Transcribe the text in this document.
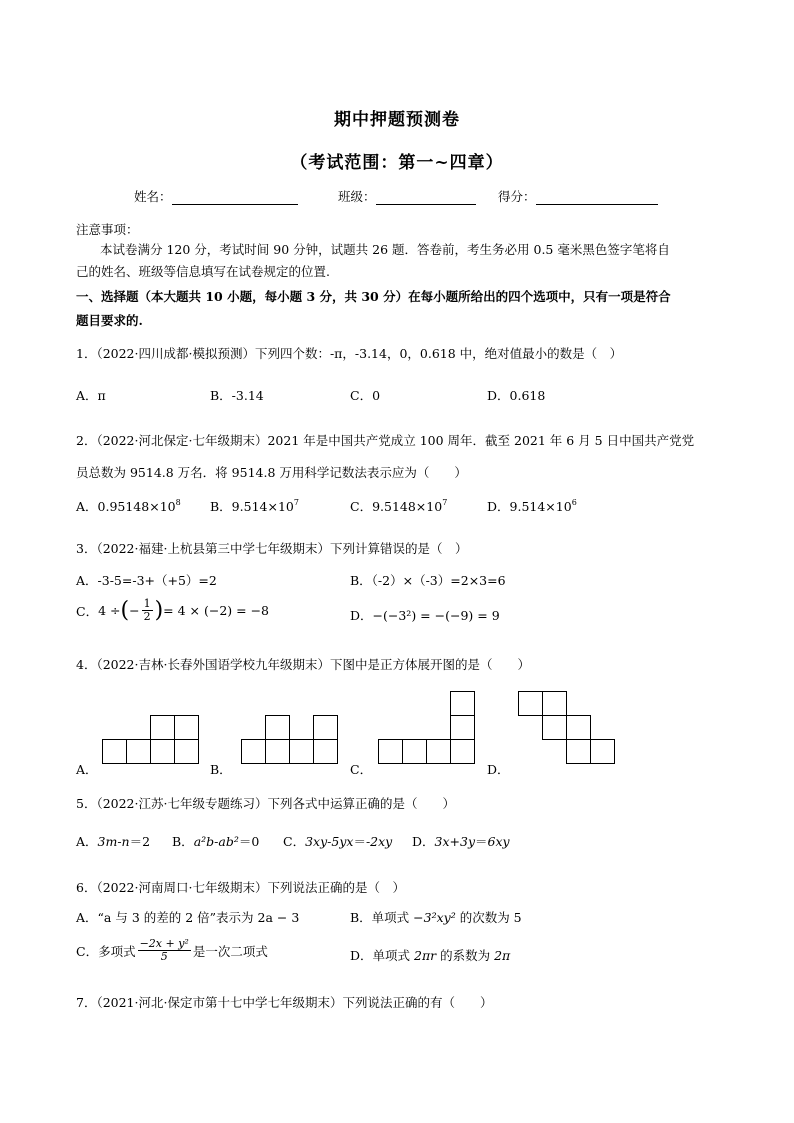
期中押题预测卷
（考试范围：第一~四章）
姓名：	班级：	得分：
注意事项：
本试卷满分 120 分，考试时间 90 分钟，试题共 26 题．答卷前，考生务必用 0.5 毫米黑色签字笔将自
己的姓名、班级等信息填写在试卷规定的位置.
一、选择题（本大题共 10 小题，每小题 3 分，共 30 分）在每小题所给出的四个选项中，只有一项是符合
题目要求的.
1．（2022·四川成都·模拟预测）下列四个数：-π，-3.14，0，0.618 中，绝对值最小的数是（　）
A．π	B．-3.14	C．0	D．0.618
2．（2022·河北保定·七年级期末）2021 年是中国共产党成立 100 周年．截至 2021 年 6 月 5 日中国共产党党
员总数为 9514.8 万名．将 9514.8 万用科学记数法表示应为（　　）
A．$0.95148\times 10^8$ B．$9.514\times 10^7$	C．$9.5148\times 10^7$	D．$9.514\times 10^6$
3．（2022·福建·上杭县第三中学七年级期末）下列计算错误的是（　）
A．-3-5=-3+（+5）=2	B．（-2）×（-3）=2×3=6
C． 4 ÷ ( − $\frac{1}{2}$ ) = 4 × (−2) = −8	D．−(−3²) = −(−9) = 9
4．（2022·吉林·长春外国语学校九年级期末）下图中是正方体展开图的是（　　）
A．	B．	C．	D．
5．（2022·江苏·七年级专题练习）下列各式中运算正确的是（　　）
A．3m-n＝2 B．a²b-ab²＝0 C．3xy-5yx＝-2xy D．3x+3y＝6xy
6．（2022·河南周口·七年级期末）下列说法正确的是（　）
A．“a 与 3 的差的 2 倍”表示为 2a − 3	B．单项式 −3²xy² 的次数为 5
C．多项式 $\frac{\text{−2x + y²}}{5}$ 是一次二项式	D．单项式 2πr 的系数为 2π
7．（2021·河北·保定市第十七中学七年级期末）下列说法正确的有（　　）
